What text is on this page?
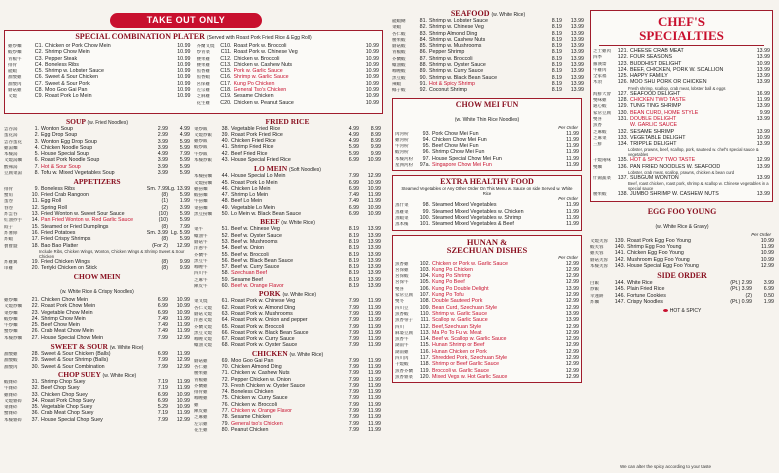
TAKE OUT ONLY
SPECIAL COMBINATION PLATER (Served with Roast Pork Fried Rice & Egg Roll)
雞炒麵	C1. Chicken or Pork Chow Mein	10.99
蝦炒麵	C2. Shrimp Chow Mein	10.99
青椒牛	C3. Pepper Steak	10.99
排骨	C4. Boneless Ribs	10.99
龍蝦	C5. Shrimp w. Lobster Sauce	10.99
甜酸雞	C6. Sweet & Sour Chicken	10.99
甜酸肉	C7. Sweet & Sour Pork	10.99
蘑菇雞	C8. Moo Goo Gai Pan	10.99
叉燒	C9. Roast Pork Lo Mein	10.99
芥蘭叉燒	C10. Roast Pork w. Broccoli	10.99
炒青菜	C11. Roast Pork w. Chinese Veg	10.99
腰果雞	C12. Chicken w. Broccoli	10.99
腰果雞	C13. Chicken w. Cashew Nuts	10.99
魚香雞	C15. Pork w. Garlic Sauce	10.99
魚香蝦	C16. Shrimp w. Garlic Sauce	10.99
宮保雞	C17. Kung Po Chicken	10.99
左宗雞	C18. General Tso's Chicken	10.99
芝麻雞	C19. Sesame Chicken	10.99
花生雞	C20. Chicken w. Peanut Sauce	10.99
SOUP (w. Fried Noodles)
雲吞湯	1. Wonton Soup	2.99	4.99
蛋花湯	2. Egg Drop Soup	2.99	4.99
雲吞蛋花	3. Wonton Egg Drop Soup	3.99	5.99
雞湯麵	4. Chicken Noodle Soup	3.99	5.99
本樓湯	5. House Special Soup	4.99	7.99
叉燒湯麵	6. Roast Pork Noodle Soup	3.99	5.99
酸辣湯	7. Hot & Sour Soup	3.99	5.99
豆腐菜湯	8. Tofu w. Mixed Vegetables Soup	3.99	5.99
APPETIZERS
排骨	9. Boneless Ribs	Sm. 7.99 Lg. 13.99
蟹角	10. Fried Crab Rangoon	(8)	5.99
蛋卷	11. Egg Roll	(1)	1.99
春卷	12. Spring Roll	(2)	3.99
炸雲吞	13. Fried Wonton w. Sweet Sour Sauce	(10)	5.99
紅油抄手	14. Pan Fried Wonton w. Red Garlic Sauce	(10)	5.99
餃子	15. Steamed or Fried Dumplings	(8)	7.99
炸薯條	16. Fried Potatoes	Sm. 3.99 Lg. 5.99
炸蝦	17. Fried Crispy Shrimps	(8)	5.99
寶寶盤	18. Bao Bao Platter	(For 2)	12.99
Include Ribs, Chicken Wings, Wonton, Chicken Wings & Shrimp Sweet & Sour Chicken
炸雞翼	19. Fried Chicken Wings	(8)	9.99
串雞	20. Teriyki Chicken on Stick	(8)	9.99
CHOW MEIN
(w. White Rice & Crispy Noodles)
雞炒麵	21. Chicken Chow Mein	6.99	10.99
叉燒炒麵	22. Roast Pork Chow Mein	6.99	10.99
菜炒麵	23. Vegetable Chow Mein	6.99	10.99
蝦炒麵	24. Shrimp Chow Mein	7.49	11.99
牛炒麵	25. Beef Chow Mein	7.49	11.99
蟹炒麵	26. Crab Meat Chow Mein	7.49	11.99
本樓炒麵	27. House Special Chow Mein	7.99	12.99
SWEET & SOUR (w. White Rice)
甜酸雞	28. Sweet & Sour Chicken (Balls)	6.99	11.99
甜酸蝦	29. Sweet & Sour Shrimp (Balls)	7.99	12.99
甜酸肉	30. Sweet & Sour Combination	7.99	12.99
CHOP SUEY (w. White Rice)
蝦雜碎	31. Shrimp Chop Suey	7.19	11.99
牛雜碎	32. Beef Chop Suey	7.19	11.99
雞雜碎	33. Chicken Chop Suey	6.99	10.99
叉燒雜碎	34. Roast Pork Chop Suey	6.99	10.99
菜雜碎	35. Vegetable Chop Suey	5.29	10.99
蟹雜碎	36. Crab Meat Chop Suey	7.19	11.99
本樓雜碎	37. House Special Chop Suey	7.99	12.99
FRIED RICE
菜炒飯	38. Vegetable Fried Rice	4.99	8.99
叉燒炒飯	39. Roast Pork Fried Rice	4.99	8.99
雞炒飯	40. Chicken Fried Rice	4.99	8.99
蝦炒飯	41. Shrimp Fried Rice	5.99	9.99
牛炒飯	42. Beef Fried Rice	5.99	9.99
本樓炒飯	43. House Special Fried Rice	6.99	10.99
LO MEIN (Soft Noodles)
本樓撈麵	44. House Special Lo Mein	7.99	12.99
叉燒撈麵	45. Roast Pork Lo Mein	6.99	10.99
雞撈麵	46. Chicken Lo Mein	6.99	10.99
蝦撈麵	47. Shrimp Lo Mein	7.49	11.99
牛撈麵	48. Beef Lo Mein	7.49	11.99
菜撈麵	49. Vegetable Lo Mein	6.99	10.99
黑豆撈麵	50. Lo Mein w. Black Bean Sauce	6.99	10.99
BEEF (w. White Rice)
菜牛	51. Beef w. Chinese Veg	8.19	13.99
蠔油牛	52. Beef w. Oyster Sauce	8.19	13.99
蘑菇牛	53. Beef w. Mushrooms	8.19	13.99
洋蔥牛	54. Beef w. Onion	8.19	13.99
芥蘭牛	55. Beef w. Broccoli	8.19	13.99
黑豆牛	56. Beef w. Black Bean Sauce	8.19	13.99
咖喱牛	57. Beef w. Curry Sauce	8.19	13.99
四川牛	58. Szechuan Beef	8.19	13.99
芝麻牛	59. Sesame Beef	8.19	13.99
陳皮牛	60. Beef w. Orange Flavor	8.19	13.99
PORK (w. White Rice)
菜叉燒	61. Roast Pork w. Chinese Veg	7.99	11.99
杏仁叉燒	62. Roast Pork w. Almond Ding	7.99	11.99
蘑菇叉燒	63. Roast Pork w. Mushrooms	7.99	11.99
洋蔥叉燒	64. Roast Pork w. Onion and pepper	7.99	11.99
芥蘭叉燒	65. Roast Pork w. Broccoli	7.99	11.99
黑豆叉燒	66. Roast Pork w. Black Bean Sauce	7.99	11.99
咖喱叉燒	67. Roast Pork w. Curry Sauce	7.99	11.99
蠔油叉燒	68. Roast Pork w. Oyster Sauce	7.99	11.99
CHICKEN (w. White Rice)
蘑菇雞	69. Moo Goo Gai Pan	7.99	11.99
杏仁雞	70. Chicken Almond Ding	7.99	11.99
腰果雞	71. Chicken w. Cashew Nuts	7.99	11.99
青椒雞	72. Pepper Chicken w. Onion	7.99	11.99
芥蘭雞	73. Fresh Chicken w. Oyster Sauce	7.99	11.99
排骨雞	74. Boneless Chicken	7.99	11.99
咖喱雞	75. Chicken w. Curry Sauce	7.99	11.99
雞	76. Chicken w. Broccoli	7.99	11.99
陳皮雞	77. Chicken w. Orange Flavor	7.99	11.99
芝麻雞	78. Sesame Chicken	7.99	11.99
左宗雞	79. General tso's Chicken	7.99	11.99
花生雞	80. Peanut Chicken	7.99	11.99
SEAFOOD (w. White Rice)
龍蝦糊	81. Shrimp w. Lobster Sauce	8.19	13.99
菜蝦	82. Shrimp w. Chinese Veg	8.19	13.99
杏仁蝦	83. Shrimp Almond Ding	8.19	13.99
腰果蝦	84. Shrimp w. Cashew Nuts	8.19	13.99
蘑菇蝦	85. Shrimp w. Mushrooms	8.19	13.99
青椒蝦	86. Pepper Shrimp	8.19	13.99
芥蘭蝦	87. Shrimp w. Broccoli	8.19	13.99
蠔油蝦	88. Shrimp w. Oyster Sauce	8.19	13.99
咖喱蝦	89. Shrimp w. Curry Sauce	8.19	13.99
黑豆蝦	90. Shrimp w. Black Bean Sauce	8.19	13.99
辣蝦	91. Hot & Spicy Shrimp	8.19	13.99
椰子蝦	92. Coconut Shrimp	8.19	13.99
CHOW MEI FUN
(w. White Thin Rice Noodles)
Per Order
肉河粉	93. Pork Chow Mei Fun	11.99
雞河粉	94. Chicken Chow Mei Fun	11.99
牛河粉	95. Beef Chow Mei Fun	11.99
蝦河粉	96. Shrimp Chow Mei Fun	11.99
本樓河粉	97. House Special Chow Mei Fun	11.99
星洲河粉	97a. Singapore Chow Mei Fun	11.99
EXTRA HEALTHY FOOD
Steamed Vegetables or Any Other Order On This Menu w. Sauce on side Served w. White Rice
Per Order
蒸什菜	98. Steamed Mixed Vegetables	11.99
蒸雞菜	99. Steamed Mixed Vegetables w. Chicken	11.99
蒸蝦菜	100. Steamed Mixed Vegetables w. Shrimp	11.99
蒸本樓	101. Steamed Mixed Vegetables & Beef	11.99
HUNAN &
SZECHUAN DISHES
Per Order
魚香雞	102. Chicken or Pork w. Garlic Sauce	12.99
宮保雞	103. Kung Po Chicken	12.99
宮保蝦	104. Kung Po Shrimp	12.99
宮保牛	105. Kung Po Beef	12.99
雙喜	106. Kung Po Double Delight	13.99
家常豆腐	107. Kung Po Tofu	12.99
雙冬	108. Double Sauteed Pork	12.99
四川豆	109. Bean Curd, Szechuan Style	12.99
魚香蝦	110. Shrimp w. Garlic Sauce	13.99
魚香帶子	111. Scallop w. Garlic Sauce	13.99
四川	112. Beef,Szechuan Style	12.99
麻婆豆腐	113. Ma Po To Fu w. Meat	12.99
魚香牛	114. Beef w. Scallop w. Garlic Sauce	12.99
湖南牛	115. Hunan Shrimp or Beef	12.99
湖南雞	116. Hunan Chicken or Pork	12.99
四川肉	117. Shredded Pork, Szechuan Style	12.99
干燒蝦	118. Shrimp or Beef Garlic Sauce	12.99
魚香芥蘭	119. Broccoli w. Garlic Sauce	12.99
魚香雜菜	120. Mixed Vegs w. Hot Garlic Sauce	12.99
CHEF'S
SPECIALTIES
芝士雞肉	121. CHEESE CRAB MEAT	13.99
四季	122. FOUR SEASONS	13.99
羅漢齋	123. BUDDHIST DELIGHT	10.99
牛雞肉	124. BEEF, CHICKEN, PORK W. SCALLION	13.99
全家福	125. HAPPY FAMILY	13.99
木須	126. MOO SHU PORK OR CHICKEN	13.99
Fresh shrimp, scallop, crab meat, lobster ball & eggs
海鮮大會	127. SEAFOOD DELIGHT	16.99
雙味雞	128. CHICKEN TWO TASTE	11.99
通心蝦	129. TUNG TING SHRIMP	13.99
家常豆腐	130. BEAN CURD, HOME STYLE	9.99
雙喜	131. DOUBLE DELIGHT	13.99
魚香	W. GARLIC SAUCE
芝麻蝦	132. SESAME SHRIMP	13.99
芝麻菜	133. VEGETABLE DELIGHT	10.99
三鮮	134. TRIPPLE DELIGHT	13.99
Lobster, prawns, beef, scallop, pork, sauteed w. chef's special sauce & vegetables
干燒兩味	135. HOT & SPICY TWO TASTE	12.99
雙麵	136. PAN FRIED NOODLES W. SEAFOOD	13.99
Lobster, crab meat, scallop, prawns, chicken & bean curd
什錦蔬菜	137. SUBGUM WONTON	13.99
Beef, roast chicken, roast pork, shrimp & scallop w. Chinese vegetables in a special sauce
腰果蝦	138. JUMBO SHRIMP W. CASHEW NUTS	13.99
EGG FOO YOUNG
(w. White Rice & Gravy)
Per Order
叉燒芙蓉	139. Roast Pork Egg Foo Young	10.99
蝦芙蓉	140. Shrimp Egg Foo Young	11.99
雞芙蓉	141. Chicken Egg Foo Young	10.99
蘑菇芙蓉	142. Mushroom Egg Foo Young	10.99
本樓芙蓉	143. House Special Egg Foo Young	12.99
SIDE ORDER
白飯	144. White Rice	(Pt.) 2.99	3.99
炒飯	145. Plain Fried Rice	(Pt.) 3.99	6.99
幸運餅	146. Fortune Cookies	(2)	0.50
炸麵	147. Crispy Noodles	(Pt.) 0.99	1.99
HOT & SPICY
We can alter the spicy according to your taste
